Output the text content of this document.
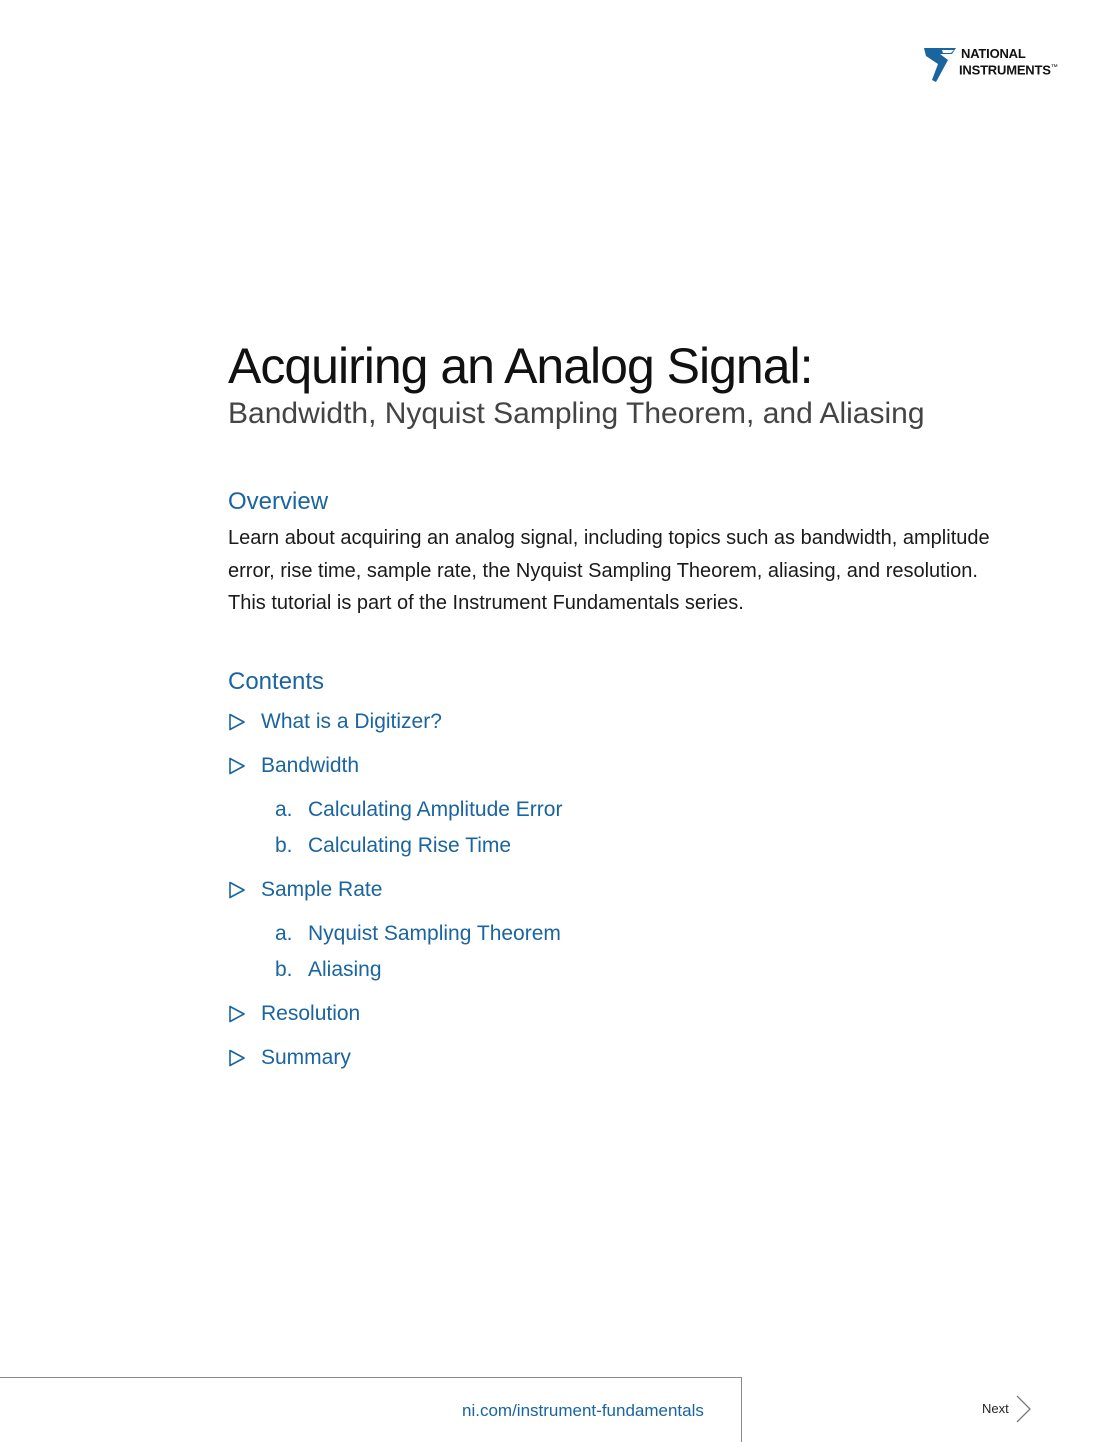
NATIONAL
INSTRUMENTS™
Acquiring an Analog Signal:
Bandwidth, Nyquist Sampling Theorem, and Aliasing
Overview

Learn about acquiring an analog signal, including topics such as bandwidth, amplitude error, rise time, sample rate, the Nyquist Sampling Theorem, aliasing, and resolution. This tutorial is part of the Instrument Fundamentals series.

Contents
What is a Digitizer?
Bandwidth
a. Calculating Amplitude Error
b. Calculating Rise Time
Sample Rate
a. Nyquist Sampling Theorem
b. Aliasing
Resolution
Summary
ni.com/instrument-fundamentals	Next
